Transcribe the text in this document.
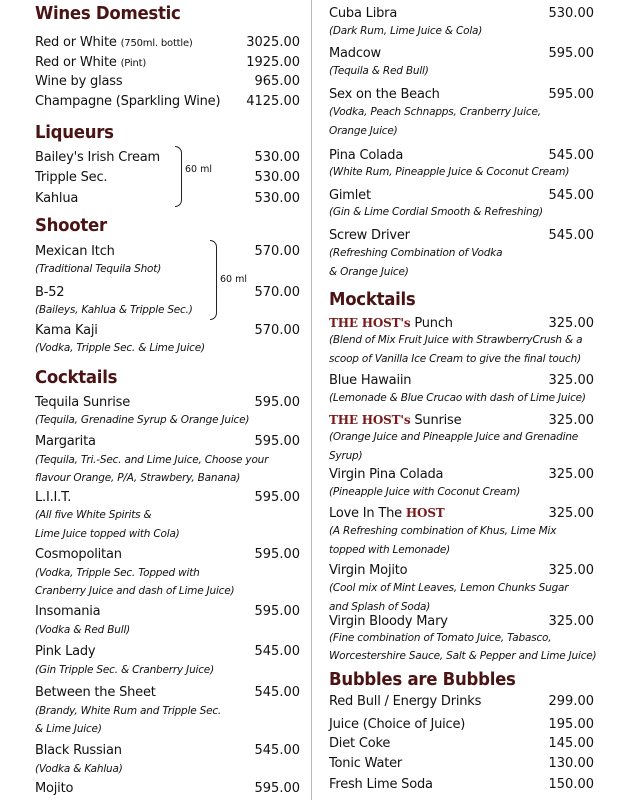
Wines Domestic
Red or White (750ml. bottle)	3025.00
Red or White (Pint)	1925.00
Wine by glass	965.00
Champagne (Sparkling Wine)	4125.00
Liqueurs
Bailey's Irish Cream	530.00
Tripple Sec.	530.00
Kahlua	530.00
60 ml
Shooter
Mexican Itch	570.00
(Traditional Tequila Shot)
B-52	570.00
(Baileys, Kahlua & Tripple Sec.)
Kama Kaji	570.00
(Vodka, Tripple Sec. & Lime Juice)
60 ml
Cocktails
Tequila Sunrise	595.00
(Tequila, Grenadine Syrup & Orange Juice)
Margarita	595.00
(Tequila, Tri.-Sec. and Lime Juice, Choose your
flavour Orange, P/A, Strawbery, Banana)
L.I.I.T.	595.00
(All five White Spirits &
Lime Juice topped with Cola)
Cosmopolitan	595.00
(Vodka, Tripple Sec. Topped with
Cranberry Juice and dash of Lime Juice)
Insomania	595.00
(Vodka & Red Bull)
Pink Lady	545.00
(Gin Tripple Sec. & Cranberry Juice)
Between the Sheet	545.00
(Brandy, White Rum and Tripple Sec.
& Lime Juice)
Black Russian	545.00
(Vodka & Kahlua)
Mojito	595.00
Cuba Libra	530.00
(Dark Rum, Lime Juice & Cola)
Madcow	595.00
(Tequila & Red Bull)
Sex on the Beach	595.00
(Vodka, Peach Schnapps, Cranberry Juice,
Orange Juice)
Pina Colada	545.00
(White Rum, Pineapple Juice & Coconut Cream)
Gimlet	545.00
(Gin & Lime Cordial Smooth & Refreshing)
Screw Driver	545.00
(Refreshing Combination of Vodka
& Orange Juice)
Mocktails
THE HOST's Punch	325.00
(Blend of Mix Fruit Juice with StrawberryCrush & a
scoop of Vanilla Ice Cream to give the final touch)
Blue Hawaiin	325.00
(Lemonade & Blue Crucao with dash of Lime Juice)
THE HOST's Sunrise	325.00
(Orange Juice and Pineapple Juice and Grenadine
Syrup)
Virgin Pina Colada	325.00
(Pineapple Juice with Coconut Cream)
Love In The HOST	325.00
(A Refreshing combination of Khus, Lime Mix
topped with Lemonade)
Virgin Mojito	325.00
(Cool mix of Mint Leaves, Lemon Chunks Sugar
and Splash of Soda)
Virgin Bloody Mary	325.00
(Fine combination of Tomato Juice, Tabasco,
Worcestershire Sauce, Salt & Pepper and Lime Juice)
Bubbles are Bubbles
Red Bull / Energy Drinks	299.00
Juice (Choice of Juice)	195.00
Diet Coke	145.00
Tonic Water	130.00
Fresh Lime Soda	150.00
